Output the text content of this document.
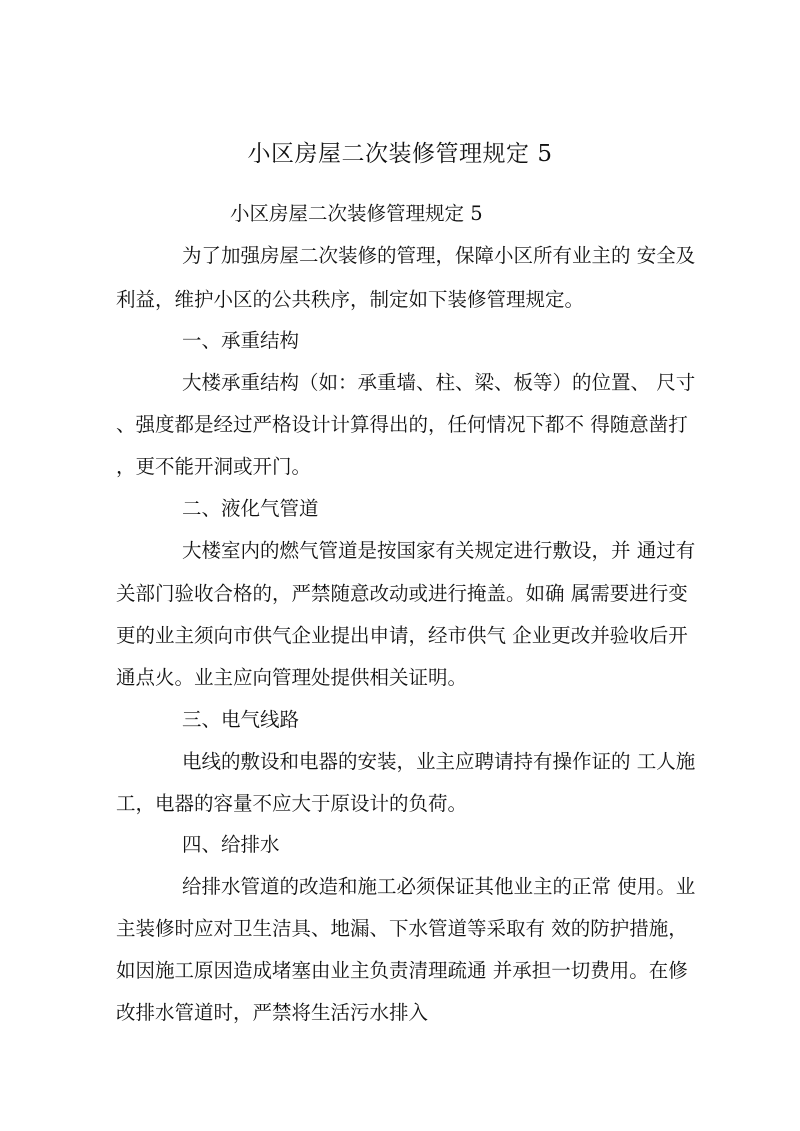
小区房屋二次装修管理规定 5

小区房屋二次装修管理规定 5

为了加强房屋二次装修的管理，保障小区所有业主的 安全及

利益，维护小区的公共秩序，制定如下装修管理规定。

一、承重结构

大楼承重结构（如：承重墙、柱、梁、板等）的位置、 尺寸

、强度都是经过严格设计计算得出的，任何情况下都不 得随意凿打

，更不能开洞或开门。

二、液化气管道

大楼室内的燃气管道是按国家有关规定进行敷设，并 通过有

关部门验收合格的，严禁随意改动或进行掩盖。如确 属需要进行变

更的业主须向市供气企业提出申请，经市供气 企业更改并验收后开

通点火。业主应向管理处提供相关证明。

三、电气线路

电线的敷设和电器的安装，业主应聘请持有操作证的 工人施

工，电器的容量不应大于原设计的负荷。

四、给排水

给排水管道的改造和施工必须保证其他业主的正常 使用。业

主装修时应对卫生洁具、地漏、下水管道等采取有 效的防护措施，

如因施工原因造成堵塞由业主负责清理疏通 并承担一切费用。在修

改排水管道时，严禁将生活污水排入
